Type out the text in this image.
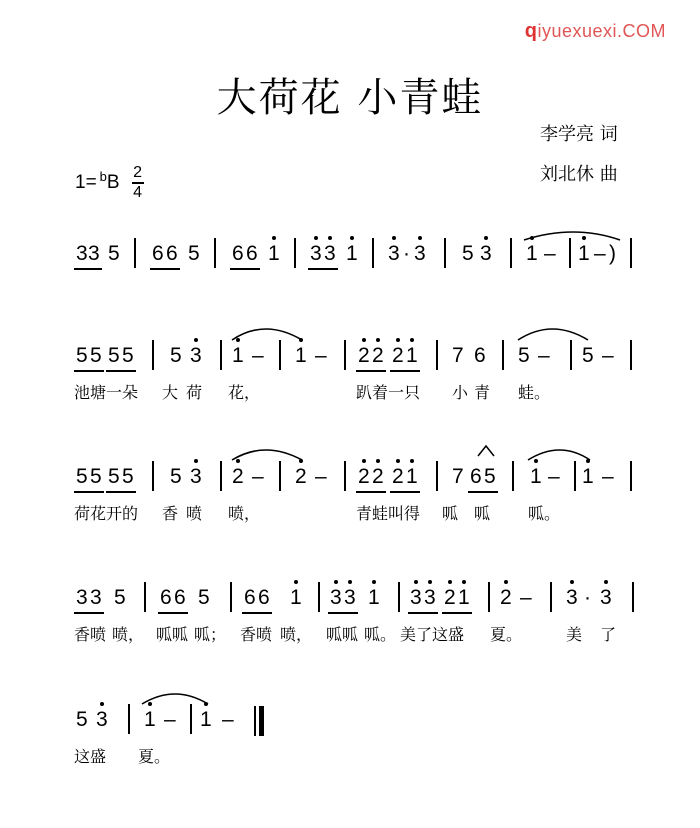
qiyuexuexi.COM
大荷花 小青蛙
李学亮 词
刘北休 曲
1= b B 2
4
3 3 5 6 6 5 6 6 1 3 3 1 3 · 3 5 3 1 – 1 – )
5 5 5 5 5 3 1 – 1 – 2 2 2 1 7 6 5 – 5 –
池塘一朵 大 荷 花，	趴着一只 小 青 蛙。
5 5 5 5 5 3 2 – 2 – 2 2 2 1 7 6 5 1 – 1 –
荷花开的 香 喷 喷，	青蛙叫得 呱 呱 呱。
3 3 5 6 6 5 6 6 1 3 3 1 3 3 2 1 2 – 3 · 3
香喷 喷， 呱呱 呱； 香喷 喷， 呱呱 呱。 美了这盛 夏。	美 了
5 3 1 – 1 –
这盛 夏。
